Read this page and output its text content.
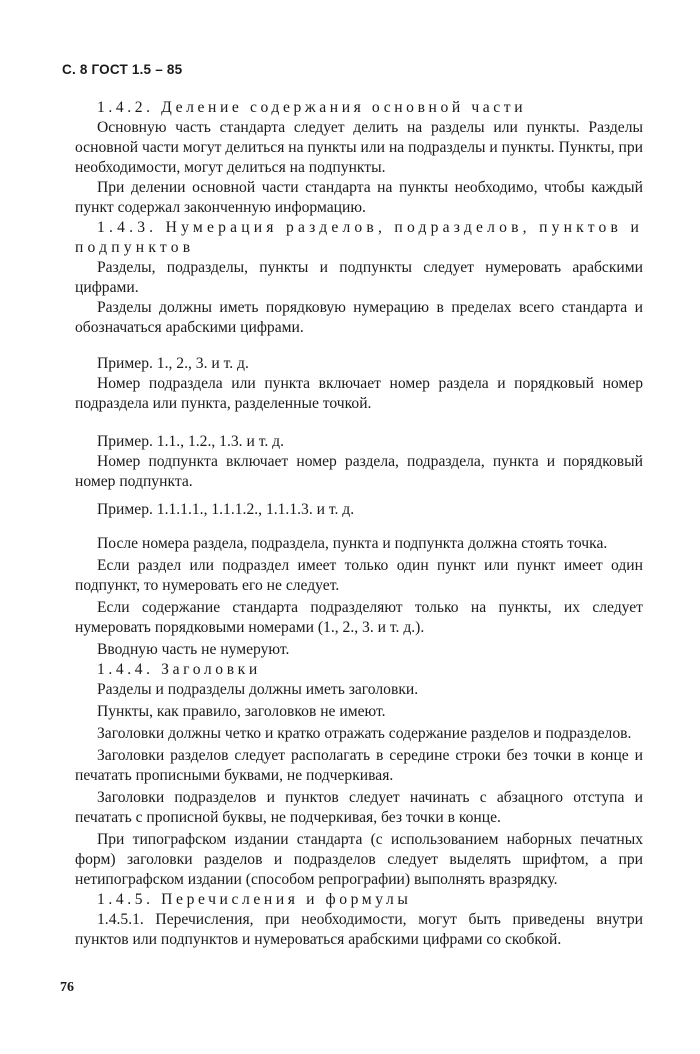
С. 8 ГОСТ 1.5 – 85

1.4.2. Деление содержания основной части

Основную часть стандарта следует делить на разделы или пункты. Разделы основной части могут делиться на пункты или на подразделы и пункты. Пункты, при необходимости, могут делиться на подпункты.

При делении основной части стандарта на пункты необходимо, чтобы каждый пункт содержал законченную информацию.

1.4.3. Нумерация разделов, подразделов, пунктов и подпунктов

Разделы, подразделы, пункты и подпункты следует нумеровать арабскими цифрами.

Разделы должны иметь порядковую нумерацию в пределах всего стандарта и обозначаться арабскими цифрами.

Пример. 1., 2., 3. и т. д.

Номер подраздела или пункта включает номер раздела и порядковый номер подраздела или пункта, разделенные точкой.

Пример. 1.1., 1.2., 1.3. и т. д.

Номер подпункта включает номер раздела, подраздела, пункта и порядковый номер подпункта.

Пример. 1.1.1.1., 1.1.1.2., 1.1.1.3. и т. д.

После номера раздела, подраздела, пункта и подпункта должна стоять точка.

Если раздел или подраздел имеет только один пункт или пункт имеет один подпункт, то нумеровать его не следует.

Если содержание стандарта подразделяют только на пункты, их следует нумеровать порядковыми номерами (1., 2., 3. и т. д.).

Вводную часть не нумеруют.

1.4.4. Заголовки

Разделы и подразделы должны иметь заголовки.

Пункты, как правило, заголовков не имеют.

Заголовки должны четко и кратко отражать содержание разделов и подразделов.

Заголовки разделов следует располагать в середине строки без точки в конце и печатать прописными буквами, не подчеркивая.

Заголовки подразделов и пунктов следует начинать с абзацного отступа и печатать с прописной буквы, не подчеркивая, без точки в конце.

При типографском издании стандарта (с использованием наборных печатных форм) заголовки разделов и подразделов следует выделять шрифтом, а при нетипографском издании (способом репрографии) выполнять вразрядку.

1.4.5. Перечисления и формулы

1.4.5.1. Перечисления, при необходимости, могут быть приведены внутри пунктов или подпунктов и нумероваться арабскими цифрами со скобкой.

76
